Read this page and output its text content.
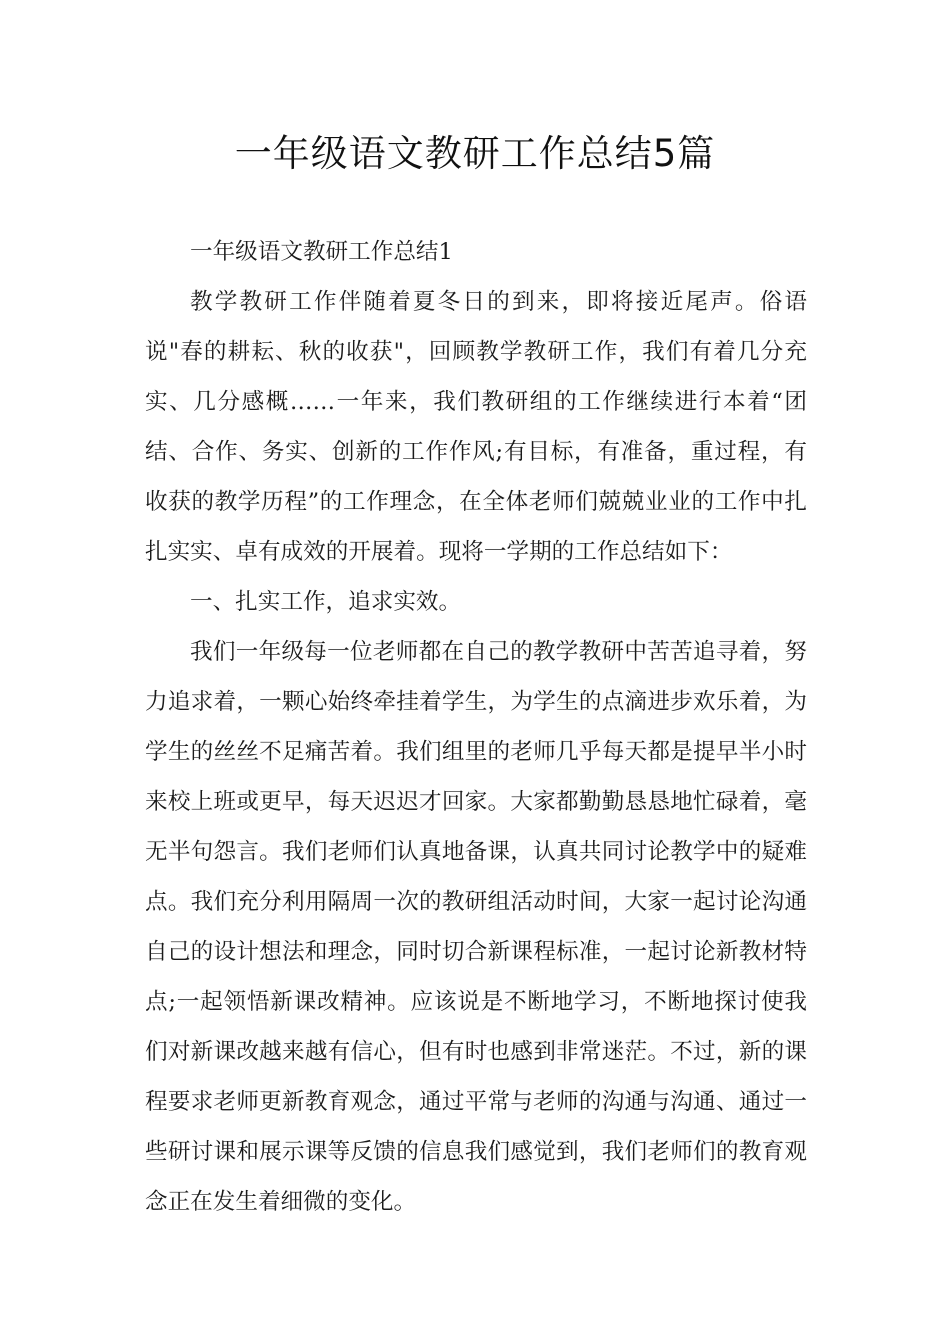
一年级语文教研工作总结5篇

一年级语文教研工作总结1

教学教研工作伴随着夏冬日的到来，即将接近尾声。俗语说"春的耕耘、秋的收获"，回顾教学教研工作，我们有着几分充实、几分感概……一年来，我们教研组的工作继续进行本着“团结、合作、务实、创新的工作作风;有目标，有准备，重过程，有收获的教学历程”的工作理念，在全体老师们兢兢业业的工作中扎扎实实、卓有成效的开展着。现将一学期的工作总结如下：

一、扎实工作，追求实效。

我们一年级每一位老师都在自己的教学教研中苦苦追寻着，努力追求着，一颗心始终牵挂着学生，为学生的点滴进步欢乐着，为学生的丝丝不足痛苦着。我们组里的老师几乎每天都是提早半小时来校上班或更早，每天迟迟才回家。大家都勤勤恳恳地忙碌着，毫无半句怨言。我们老师们认真地备课，认真共同讨论教学中的疑难点。我们充分利用隔周一次的教研组活动时间，大家一起讨论沟通自己的设计想法和理念，同时切合新课程标准，一起讨论新教材特点;一起领悟新课改精神。应该说是不断地学习，不断地探讨使我们对新课改越来越有信心，但有时也感到非常迷茫。不过，新的课程要求老师更新教育观念，通过平常与老师的沟通与沟通、通过一些研讨课和展示课等反馈的信息我们感觉到，我们老师们的教育观念正在发生着细微的变化。
